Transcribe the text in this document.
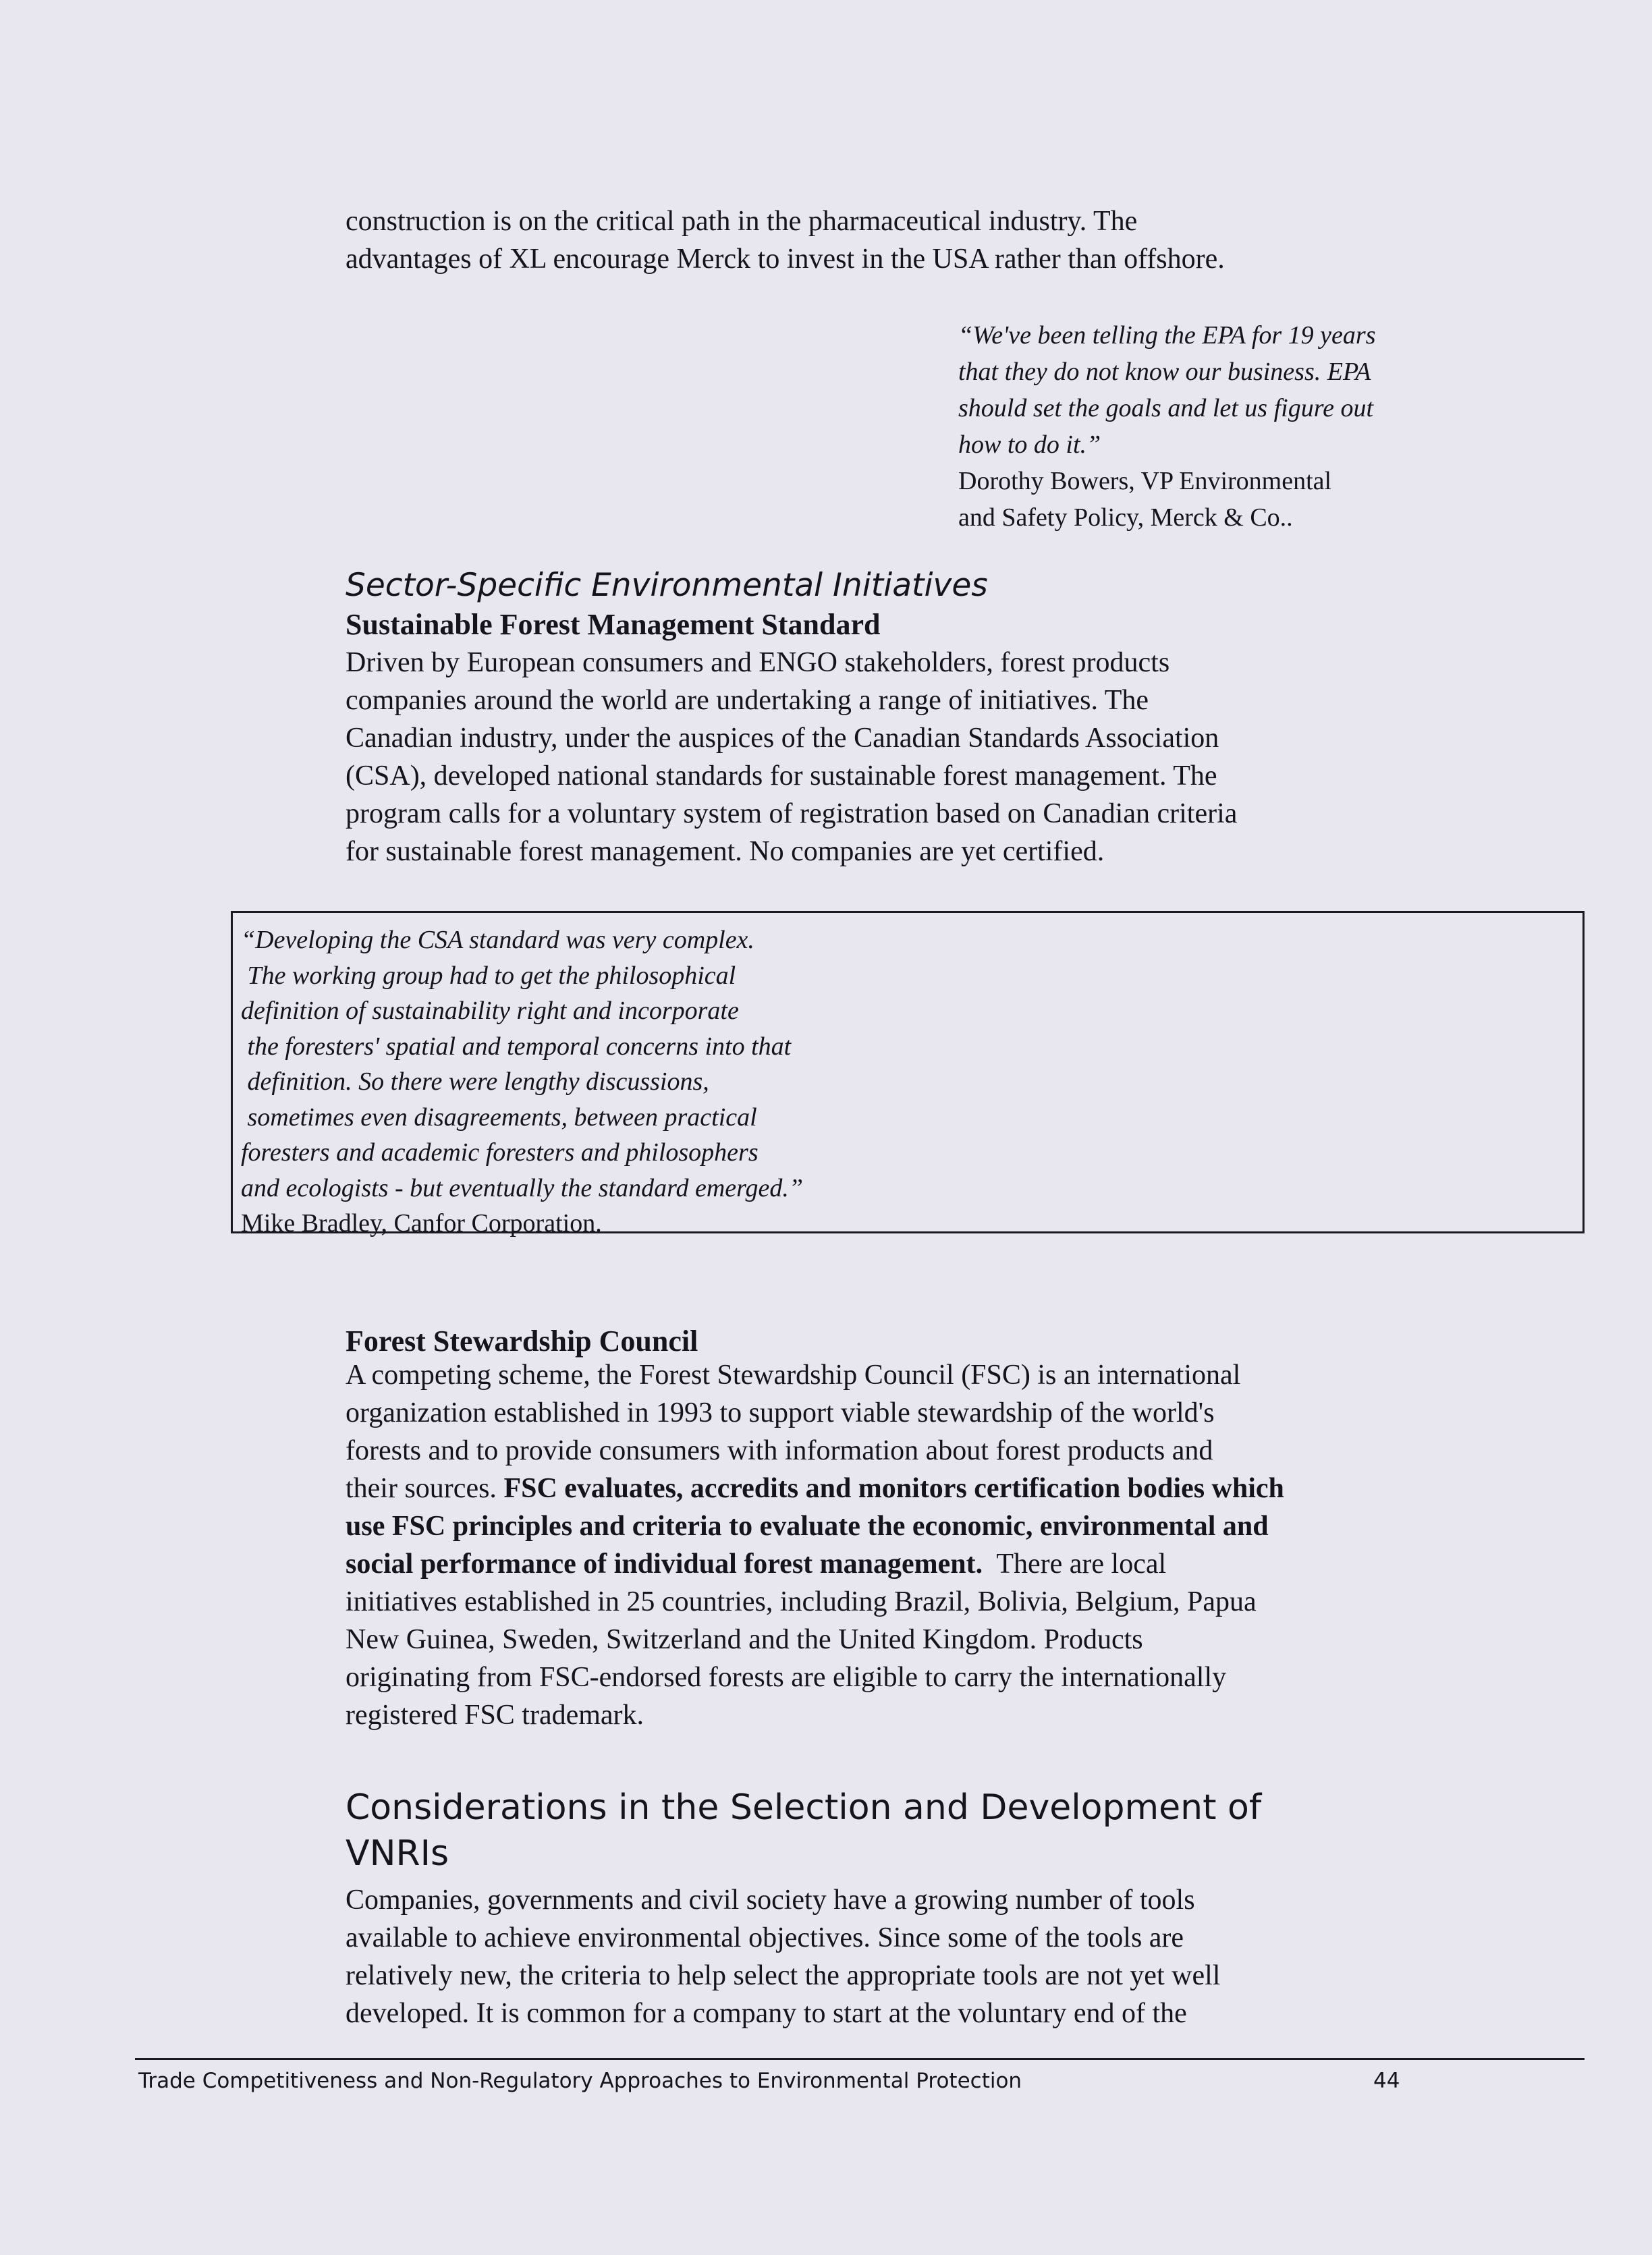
construction is on the critical path in the pharmaceutical industry. The
advantages of XL encourage Merck to invest in the USA rather than offshore.
“We've been telling the EPA for 19 years
that they do not know our business. EPA
should set the goals and let us figure out
how to do it.”
Dorothy Bowers, VP Environmental
and Safety Policy, Merck & Co..
Sector-Specific Environmental Initiatives
Sustainable Forest Management Standard
Driven by European consumers and ENGO stakeholders, forest products
companies around the world are undertaking a range of initiatives. The
Canadian industry, under the auspices of the Canadian Standards Association
(CSA), developed national standards for sustainable forest management. The
program calls for a voluntary system of registration based on Canadian criteria
for sustainable forest management. No companies are yet certified.
“Developing the CSA standard was very complex.
The working group had to get the philosophical
definition of sustainability right and incorporate
the foresters' spatial and temporal concerns into that
definition. So there were lengthy discussions,
sometimes even disagreements, between practical
foresters and academic foresters and philosophers
and ecologists - but eventually the standard emerged.”
Mike Bradley, Canfor Corporation.
Forest Stewardship Council
A competing scheme, the Forest Stewardship Council (FSC) is an international
organization established in 1993 to support viable stewardship of the world's
forests and to provide consumers with information about forest products and
their sources. FSC evaluates, accredits and monitors certification bodies which
use FSC principles and criteria to evaluate the economic, environmental and
social performance of individual forest management.  There are local
initiatives established in 25 countries, including Brazil, Bolivia, Belgium, Papua
New Guinea, Sweden, Switzerland and the United Kingdom. Products
originating from FSC-endorsed forests are eligible to carry the internationally
registered FSC trademark.
Considerations in the Selection and Development of
VNRIs
Companies, governments and civil society have a growing number of tools
available to achieve environmental objectives. Since some of the tools are
relatively new, the criteria to help select the appropriate tools are not yet well
developed. It is common for a company to start at the voluntary end of the
Trade Competitiveness and Non-Regulatory Approaches to Environmental Protection	44
